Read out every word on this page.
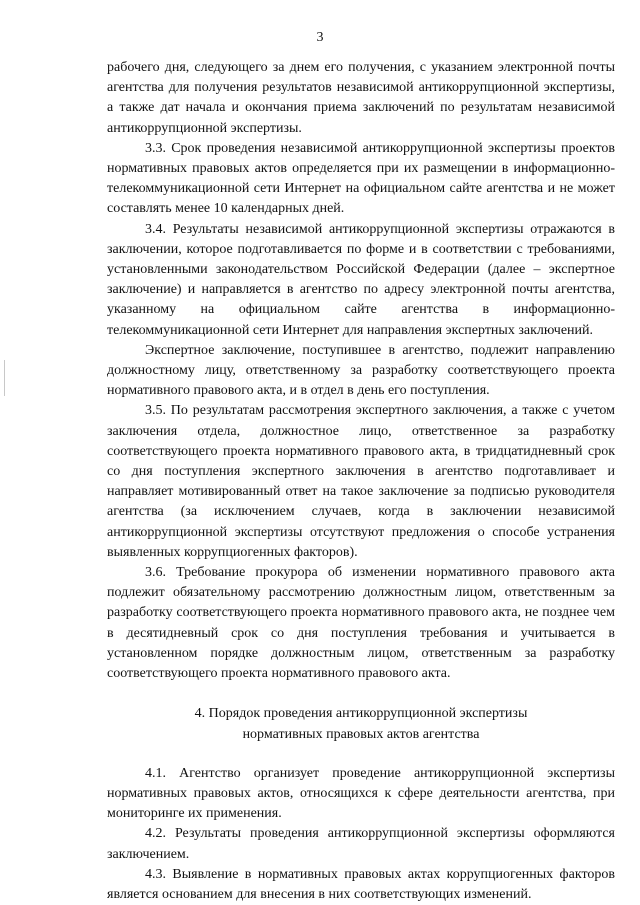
3

рабочего дня, следующего за днем его получения, с указанием электронной почты агентства для получения результатов независимой антикоррупционной экспертизы, а также дат начала и окончания приема заключений по результатам независимой антикоррупционной экспертизы.

3.3. Срок проведения независимой антикоррупционной экспертизы проектов нормативных правовых актов определяется при их размещении в информационно-телекоммуникационной сети Интернет на официальном сайте агентства и не может составлять менее 10 календарных дней.

3.4. Результаты независимой антикоррупционной экспертизы отражаются в заключении, которое подготавливается по форме и в соответствии с требованиями, установленными законодательством Российской Федерации (далее – экспертное заключение) и направляется в агентство по адресу электронной почты агентства, указанному на официальном сайте агентства в информационно-телекоммуникационной сети Интернет для направления экспертных заключений.

Экспертное заключение, поступившее в агентство, подлежит направлению должностному лицу, ответственному за разработку соответствующего проекта нормативного правового акта, и в отдел в день его поступления.

3.5. По результатам рассмотрения экспертного заключения, а также с учетом заключения отдела, должностное лицо, ответственное за разработку соответствующего проекта нормативного правового акта, в тридцатидневный срок со дня поступления экспертного заключения в агентство подготавливает и направляет мотивированный ответ на такое заключение за подписью руководителя агентства (за исключением случаев, когда в заключении независимой антикоррупционной экспертизы отсутствуют предложения о способе устранения выявленных коррупциогенных факторов).

3.6. Требование прокурора об изменении нормативного правового акта подлежит обязательному рассмотрению должностным лицом, ответственным за разработку соответствующего проекта нормативного правового акта, не позднее чем в десятидневный срок со дня поступления требования и учитывается в установленном порядке должностным лицом, ответственным за разработку соответствующего проекта нормативного правового акта.

4. Порядок проведения антикоррупционной экспертизы
нормативных правовых актов агентства

4.1. Агентство организует проведение антикоррупционной экспертизы нормативных правовых актов, относящихся к сфере деятельности агентства, при мониторинге их применения.

4.2. Результаты проведения антикоррупционной экспертизы оформляются заключением.

4.3. Выявление в нормативных правовых актах коррупциогенных факторов является основанием для внесения в них соответствующих изменений.
